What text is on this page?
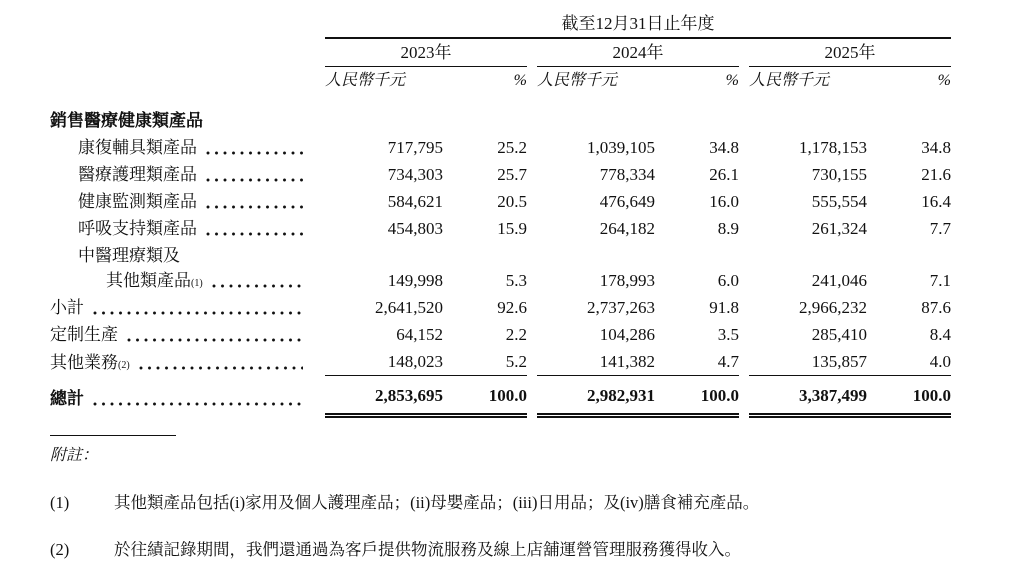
	截至12月31日止年度							
	2023年			2024年			2025年	
	人民幣千元	%		人民幣千元	%		人民幣千元	%

銷售醫療健康類產品								

康復輔具類產品	717,795	25.2		1,039,105	34.8		1,178,153	34.8

醫療護理類產品	734,303	25.7		778,334	26.1		730,155	21.6

健康監測類產品	584,621	20.5		476,649	16.0		555,554	16.4

呼吸支持類產品	454,803	15.9		264,182	8.9		261,324	7.7

中醫理療類及
其他類產品 (1)	149,998	5.3		178,993	6.0		241,046	7.1

小計	2,641,520	92.6		2,737,263	91.8		2,966,232	87.6

定制生產	64,152	2.2		104,286	3.5		285,410	8.4

其他業務 (2)	148,023	5.2		141,382	4.7		135,857	4.0

總計	2,853,695	100.0		2,982,931	100.0		3,387,499	100.0
附註：
(1)	其他類產品包括(i)家用及個人護理產品；(ii)母嬰產品；(iii)日用品；及(iv)膳食補充產品。
(2)	於往績記錄期間，我們還通過為客戶提供物流服務及線上店舖運營管理服務獲得收入。
